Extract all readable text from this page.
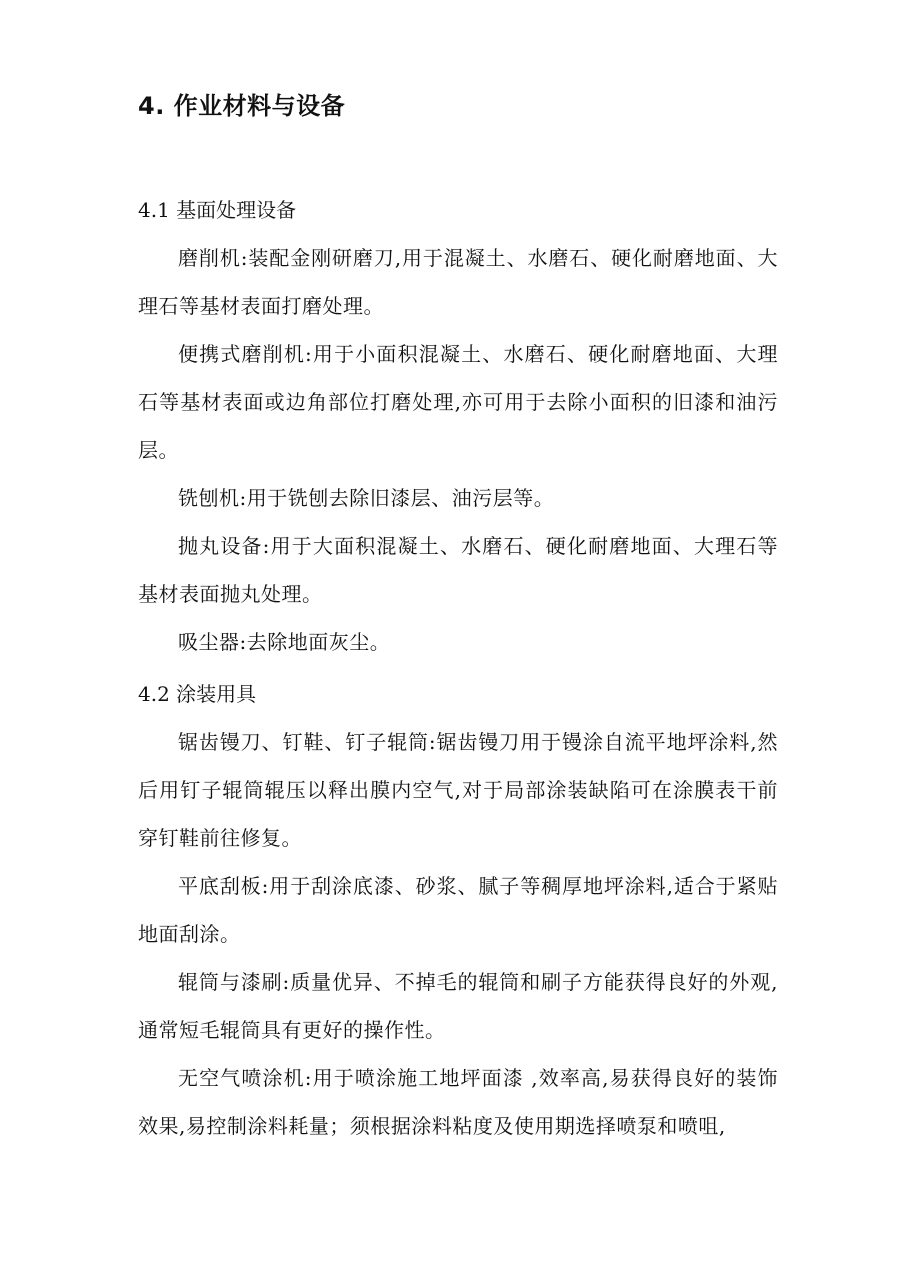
4. 作业材料与设备

4.1 基面处理设备

磨削机:装配金刚研磨刀,用于混凝土、水磨石、硬化耐磨地面、大理石等基材表面打磨处理。

便携式磨削机:用于小面积混凝土、水磨石、硬化耐磨地面、大理石等基材表面或边角部位打磨处理,亦可用于去除小面积的旧漆和油污层。

铣刨机:用于铣刨去除旧漆层、油污层等。

抛丸设备:用于大面积混凝土、水磨石、硬化耐磨地面、大理石等基材表面抛丸处理。

吸尘器:去除地面灰尘。

4.2 涂装用具

锯齿镘刀、钉鞋、钉子辊筒:锯齿镘刀用于镘涂自流平地坪涂料,然后用钉子辊筒辊压以释出膜内空气,对于局部涂装缺陷可在涂膜表干前穿钉鞋前往修复。

平底刮板:用于刮涂底漆、砂浆、腻子等稠厚地坪涂料,适合于紧贴地面刮涂。

辊筒与漆刷:质量优异、不掉毛的辊筒和刷子方能获得良好的外观,通常短毛辊筒具有更好的操作性。

无空气喷涂机:用于喷涂施工地坪面漆 ,效率高,易获得良好的装饰效果,易控制涂料耗量；须根据涂料粘度及使用期选择喷泵和喷咀,
